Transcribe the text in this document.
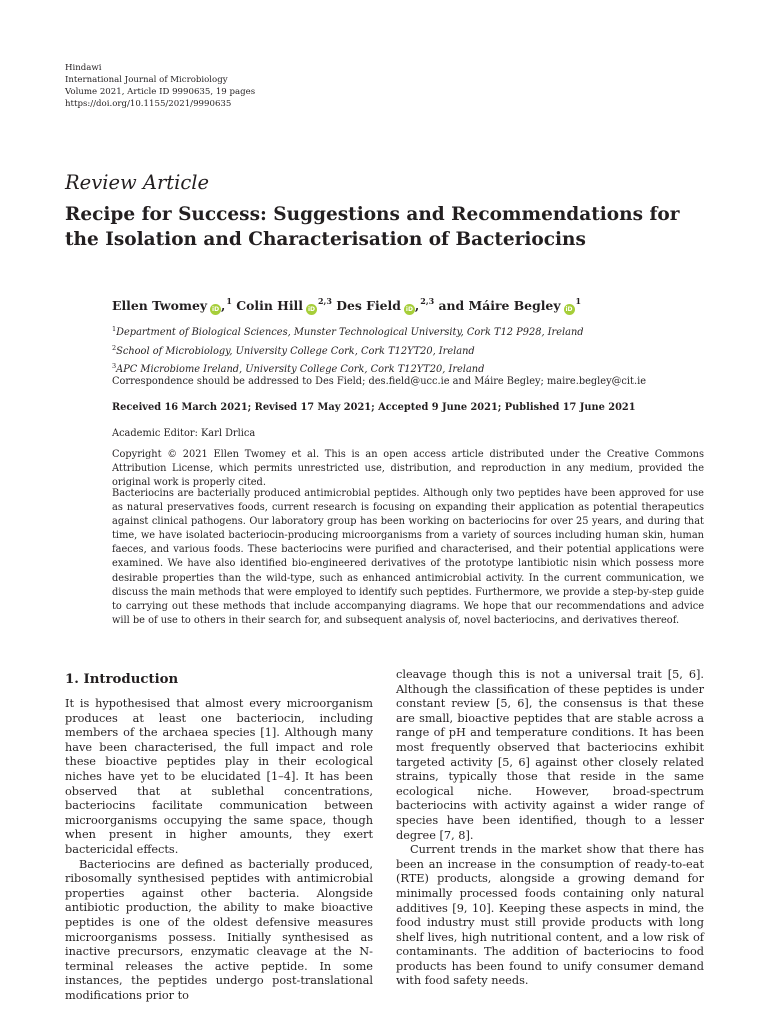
Hindawi
International Journal of Microbiology
Volume 2021, Article ID 9990635, 19 pages
https://doi.org/10.1155/2021/9990635
Review Article
Recipe for Success: Suggestions and Recommendations for the Isolation and Characterisation of Bacteriocins
Ellen Twomey iD ,$^1$ Colin Hill iD$^{2,3}$ Des Field iD ,$^{2,3}$ and Máire Begley $iD^1$
$^1$Department of Biological Sciences, Munster Technological University, Cork T12 P928, Ireland
$^2$School of Microbiology, University College Cork, Cork T12YT20, Ireland
$^3$APC Microbiome Ireland, University College Cork, Cork T12YT20, Ireland
Correspondence should be addressed to Des Field; des.field@ucc.ie and Máire Begley; maire.begley@cit.ie
Received 16 March 2021; Revised 17 May 2021; Accepted 9 June 2021; Published 17 June 2021
Academic Editor: Karl Drlica
Copyright © 2021 Ellen Twomey et al. This is an open access article distributed under the Creative Commons Attribution License, which permits unrestricted use, distribution, and reproduction in any medium, provided the original work is properly cited.
Bacteriocins are bacterially produced antimicrobial peptides. Although only two peptides have been approved for use as natural preservatives foods, current research is focusing on expanding their application as potential therapeutics against clinical pathogens. Our laboratory group has been working on bacteriocins for over 25 years, and during that time, we have isolated bacteriocin-producing microorganisms from a variety of sources including human skin, human faeces, and various foods. These bacteriocins were purified and characterised, and their potential applications were examined. We have also identified bio-engineered derivatives of the prototype lantibiotic nisin which possess more desirable properties than the wild-type, such as enhanced antimicrobial activity. In the current communication, we discuss the main methods that were employed to identify such peptides. Furthermore, we provide a step-by-step guide to carrying out these methods that include accompanying diagrams. We hope that our recommendations and advice will be of use to others in their search for, and subsequent analysis of, novel bacteriocins, and derivatives thereof.
1. Introduction

It is hypothesised that almost every microorganism produces at least one bacteriocin, including members of the archaea species [1]. Although many have been characterised, the full impact and role these bioactive peptides play in their ecological niches have yet to be elucidated [1–4]. It has been observed that at sublethal concentrations, bacteriocins facilitate communication between microorganisms occupying the same space, though when present in higher amounts, they exert bactericidal effects.

Bacteriocins are defined as bacterially produced, ribosomally synthesised peptides with antimicrobial properties against other bacteria. Alongside antibiotic production, the ability to make bioactive peptides is one of the oldest defensive measures microorganisms possess. Initially synthesised as inactive precursors, enzymatic cleavage at the N-terminal releases the active peptide. In some instances, the peptides undergo post-translational modifications prior to

cleavage though this is not a universal trait [5, 6]. Although the classification of these peptides is under constant review [5, 6], the consensus is that these are small, bioactive peptides that are stable across a range of pH and temperature conditions. It has been most frequently observed that bacteriocins exhibit targeted activity [5, 6] against other closely related strains, typically those that reside in the same ecological niche. However, broad-spectrum bacteriocins with activity against a wider range of species have been identified, though to a lesser degree [7, 8].

Current trends in the market show that there has been an increase in the consumption of ready-to-eat (RTE) products, alongside a growing demand for minimally processed foods containing only natural additives [9, 10]. Keeping these aspects in mind, the food industry must still provide products with long shelf lives, high nutritional content, and a low risk of contaminants. The addition of bacteriocins to food products has been found to unify consumer demand with food safety needs.
